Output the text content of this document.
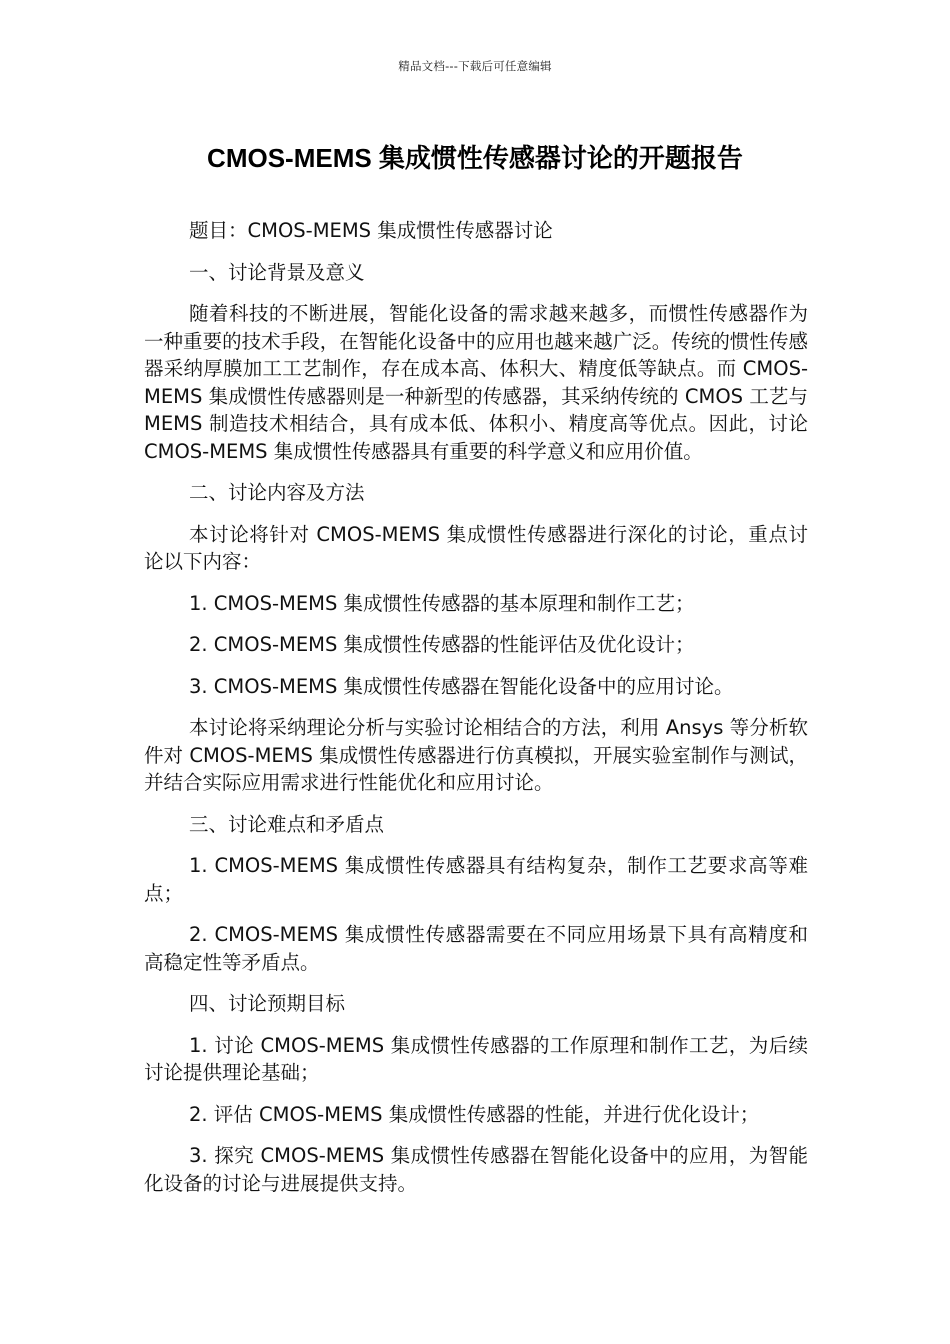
精品文档---下载后可任意编辑
CMOS-MEMS 集成惯性传感器讨论的开题报告

题目：CMOS-MEMS 集成惯性传感器讨论

一、讨论背景及意义

随着科技的不断进展，智能化设备的需求越来越多，而惯性传感器作为一种重要的技术手段，在智能化设备中的应用也越来越广泛。传统的惯性传感器采纳厚膜加工工艺制作，存在成本高、体积大、精度低等缺点。而 CMOS-MEMS 集成惯性传感器则是一种新型的传感器，其采纳传统的 CMOS 工艺与 MEMS 制造技术相结合，具有成本低、体积小、精度高等优点。因此，讨论 CMOS-MEMS 集成惯性传感器具有重要的科学意义和应用价值。

二、讨论内容及方法

本讨论将针对 CMOS-MEMS 集成惯性传感器进行深化的讨论，重点讨论以下内容：

1. CMOS-MEMS 集成惯性传感器的基本原理和制作工艺；

2. CMOS-MEMS 集成惯性传感器的性能评估及优化设计；

3. CMOS-MEMS 集成惯性传感器在智能化设备中的应用讨论。

本讨论将采纳理论分析与实验讨论相结合的方法，利用 Ansys 等分析软件对 CMOS-MEMS 集成惯性传感器进行仿真模拟，开展实验室制作与测试，并结合实际应用需求进行性能优化和应用讨论。

三、讨论难点和矛盾点

1. CMOS-MEMS 集成惯性传感器具有结构复杂，制作工艺要求高等难点；

2. CMOS-MEMS 集成惯性传感器需要在不同应用场景下具有高精度和高稳定性等矛盾点。

四、讨论预期目标

1. 讨论 CMOS-MEMS 集成惯性传感器的工作原理和制作工艺，为后续讨论提供理论基础；

2. 评估 CMOS-MEMS 集成惯性传感器的性能，并进行优化设计；

3. 探究 CMOS-MEMS 集成惯性传感器在智能化设备中的应用，为智能化设备的讨论与进展提供支持。
